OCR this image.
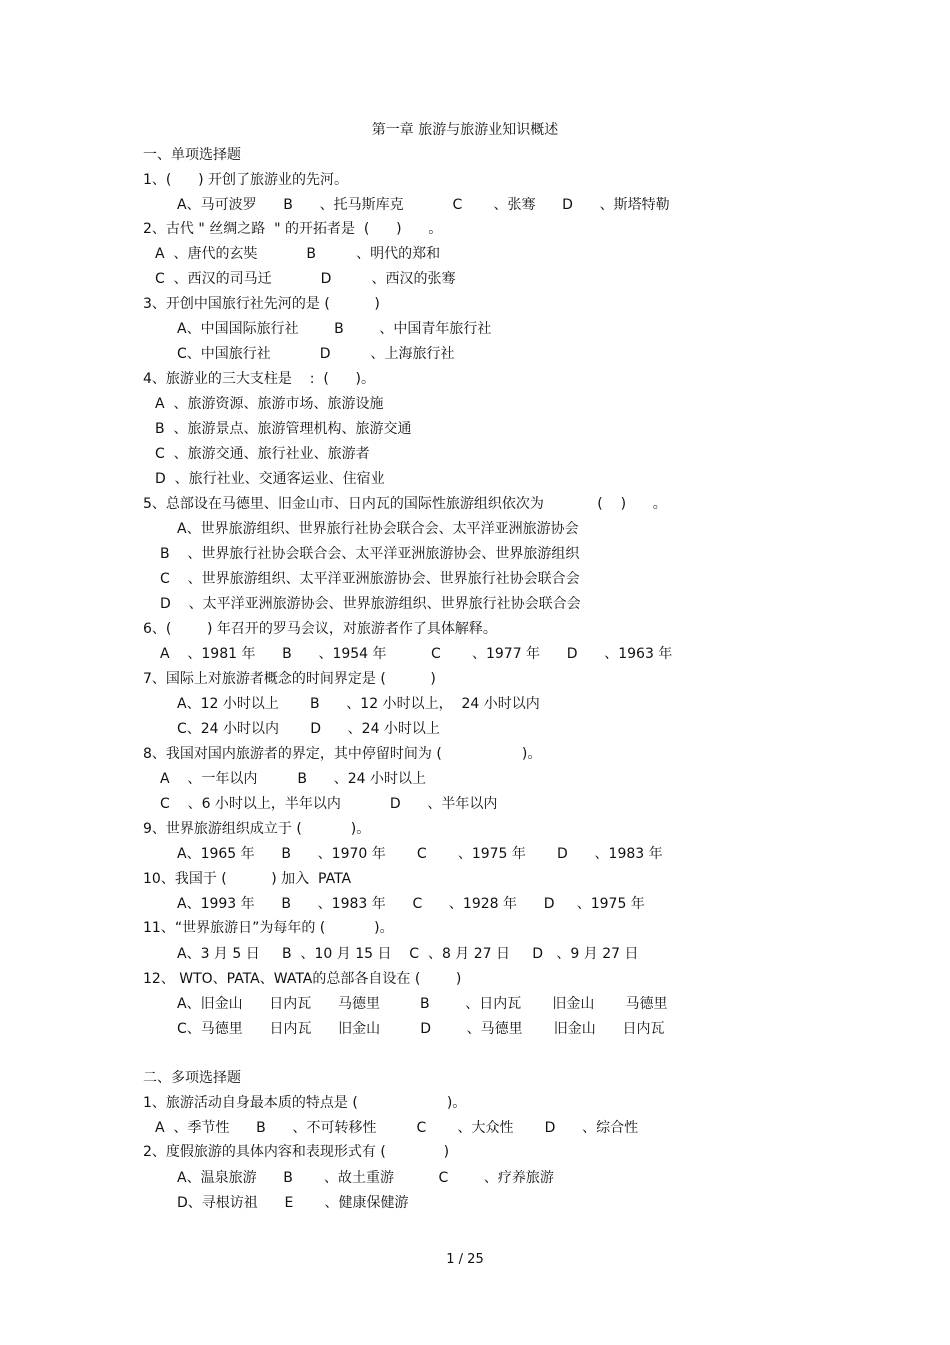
第一章 旅游与旅游业知识概述
一、单项选择题
1、(      ) 开创了旅游业的先河。
A、马可波罗      B      、托马斯库克           C       、张骞      D      、斯塔特勒
2、古代 " 丝绸之路  " 的开拓者是  (      )      。
A  、唐代的玄奘           B         、明代的郑和
C  、西汉的司马迁           D         、西汉的张骞
3、开创中国旅行社先河的是 (          )
A、中国国际旅行社        B        、中国青年旅行社
C、中国旅行社           D         、上海旅行社
4、旅游业的三大支柱是    :  (      )。
A  、旅游资源、旅游市场、旅游设施
B  、旅游景点、旅游管理机构、旅游交通
C  、旅游交通、旅行社业、旅游者
D  、旅行社业、交通客运业、住宿业
5、总部设在马德里、旧金山市、日内瓦的国际性旅游组织依次为            (    )      。
A、世界旅游组织、世界旅行社协会联合会、太平洋亚洲旅游协会
B    、世界旅行社协会联合会、太平洋亚洲旅游协会、世界旅游组织
C    、世界旅游组织、太平洋亚洲旅游协会、世界旅行社协会联合会
D    、太平洋亚洲旅游协会、世界旅游组织、世界旅行社协会联合会
6、(        ) 年召开的罗马会议，对旅游者作了具体解释。
A    、1981 年      B      、1954 年          C       、1977 年      D      、1963 年
7、国际上对旅游者概念的时间界定是 (          )
A、12 小时以上       B      、12 小时以上，  24 小时以内
C、24 小时以内       D      、24 小时以上
8、我国对国内旅游者的界定，其中停留时间为 (                  )。
A    、一年以内         B      、24 小时以上
C    、6 小时以上，半年以内           D      、半年以内
9、世界旅游组织成立于 (           )。
A、1965 年      B      、1970 年       C       、1975 年       D      、1983 年
10、我国于 (          ) 加入  PATA
A、1993 年      B      、1983 年      C      、1928 年      D     、1975 年
11、“世界旅游日”为每年的 (           )。
A、3 月 5 日     B  、10 月 15 日    C  、8 月 27 日     D   、9 月 27 日
12、 WTO、PATA、WATA的总部各自设在 (        )
A、旧金山      日内瓦      马德里         B        、日内瓦       旧金山       马德里
C、马德里      日内瓦      旧金山         D        、马德里       旧金山      日内瓦
二、多项选择题
1、旅游活动自身最本质的特点是 (                    )。
A  、季节性      B      、不可转移性         C       、大众性       D      、综合性
2、度假旅游的具体内容和表现形式有 (             )
A、温泉旅游      B       、故土重游          C        、疗养旅游
D、寻根访祖      E       、健康保健游
1 / 25
